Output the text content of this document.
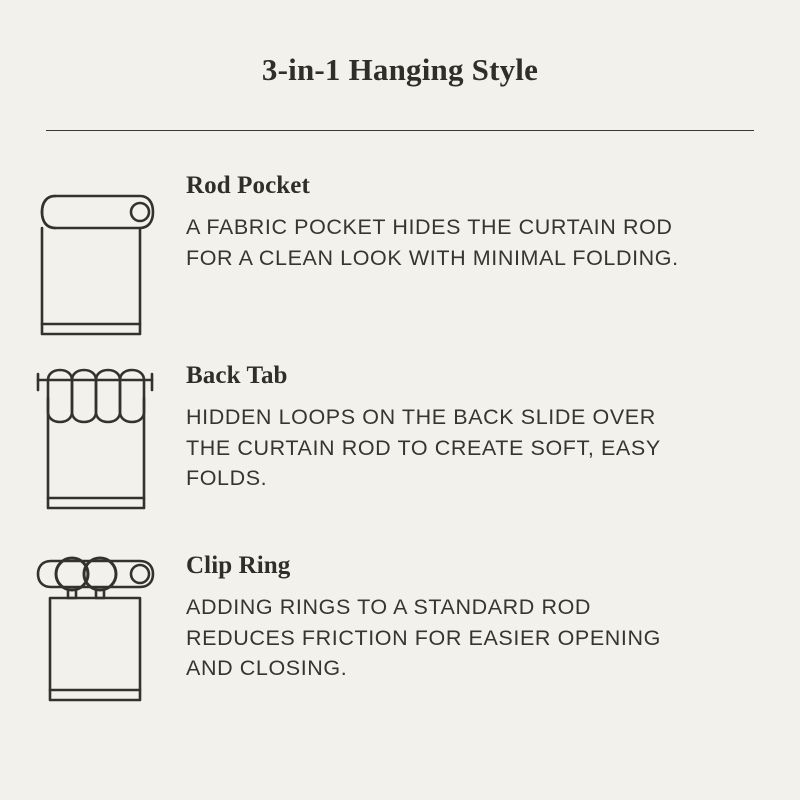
3-in-1 Hanging Style
Rod Pocket
A FABRIC POCKET HIDES THE CURTAIN ROD FOR A CLEAN LOOK WITH MINIMAL FOLDING.
Back Tab
HIDDEN LOOPS ON THE BACK SLIDE OVER THE CURTAIN ROD TO CREATE SOFT, EASY FOLDS.
Clip Ring
ADDING RINGS TO A STANDARD ROD REDUCES FRICTION FOR EASIER OPENING AND CLOSING.
